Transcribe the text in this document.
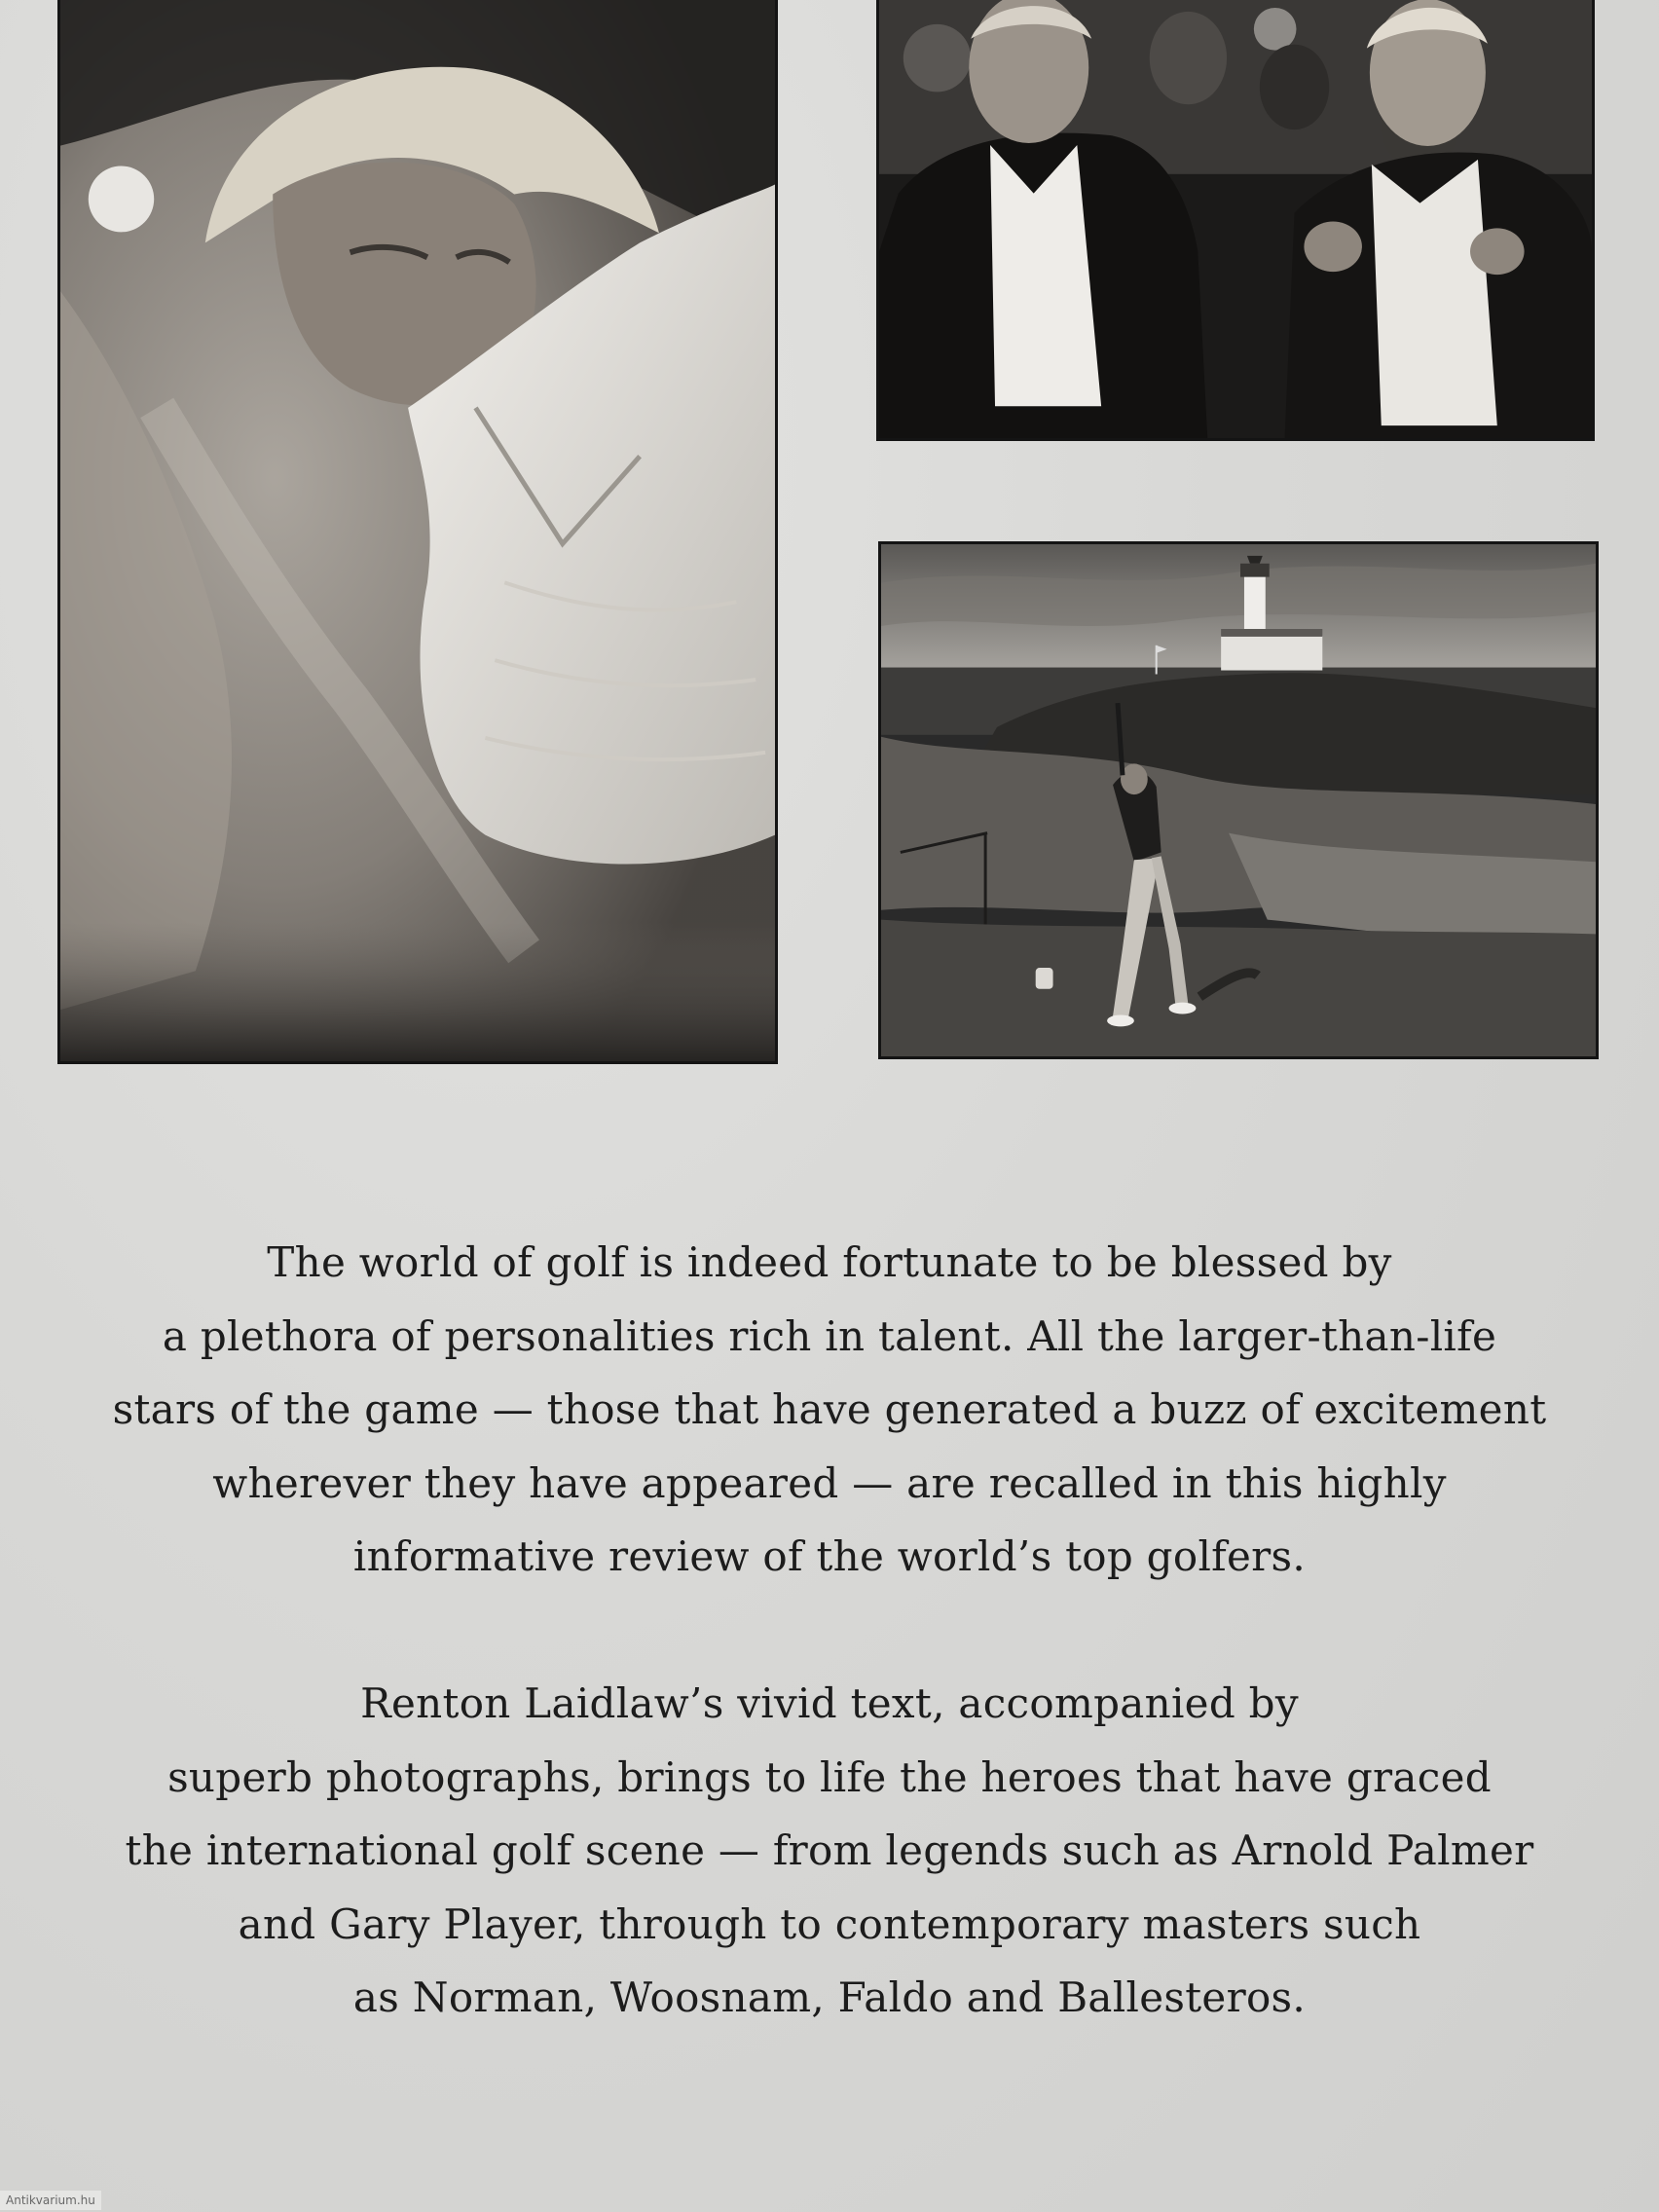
The world of golf is indeed fortunate to be blessed by
a plethora of personalities rich in talent. All the larger-than-life
stars of the game — those that have generated a buzz of excitement
wherever they have appeared — are recalled in this highly
informative review of the world’s top golfers.
Renton Laidlaw’s vivid text, accompanied by
superb photographs, brings to life the heroes that have graced
the international golf scene — from legends such as Arnold Palmer
and Gary Player, through to contemporary masters such
as Norman, Woosnam, Faldo and Ballesteros.
Antikvarium.hu
